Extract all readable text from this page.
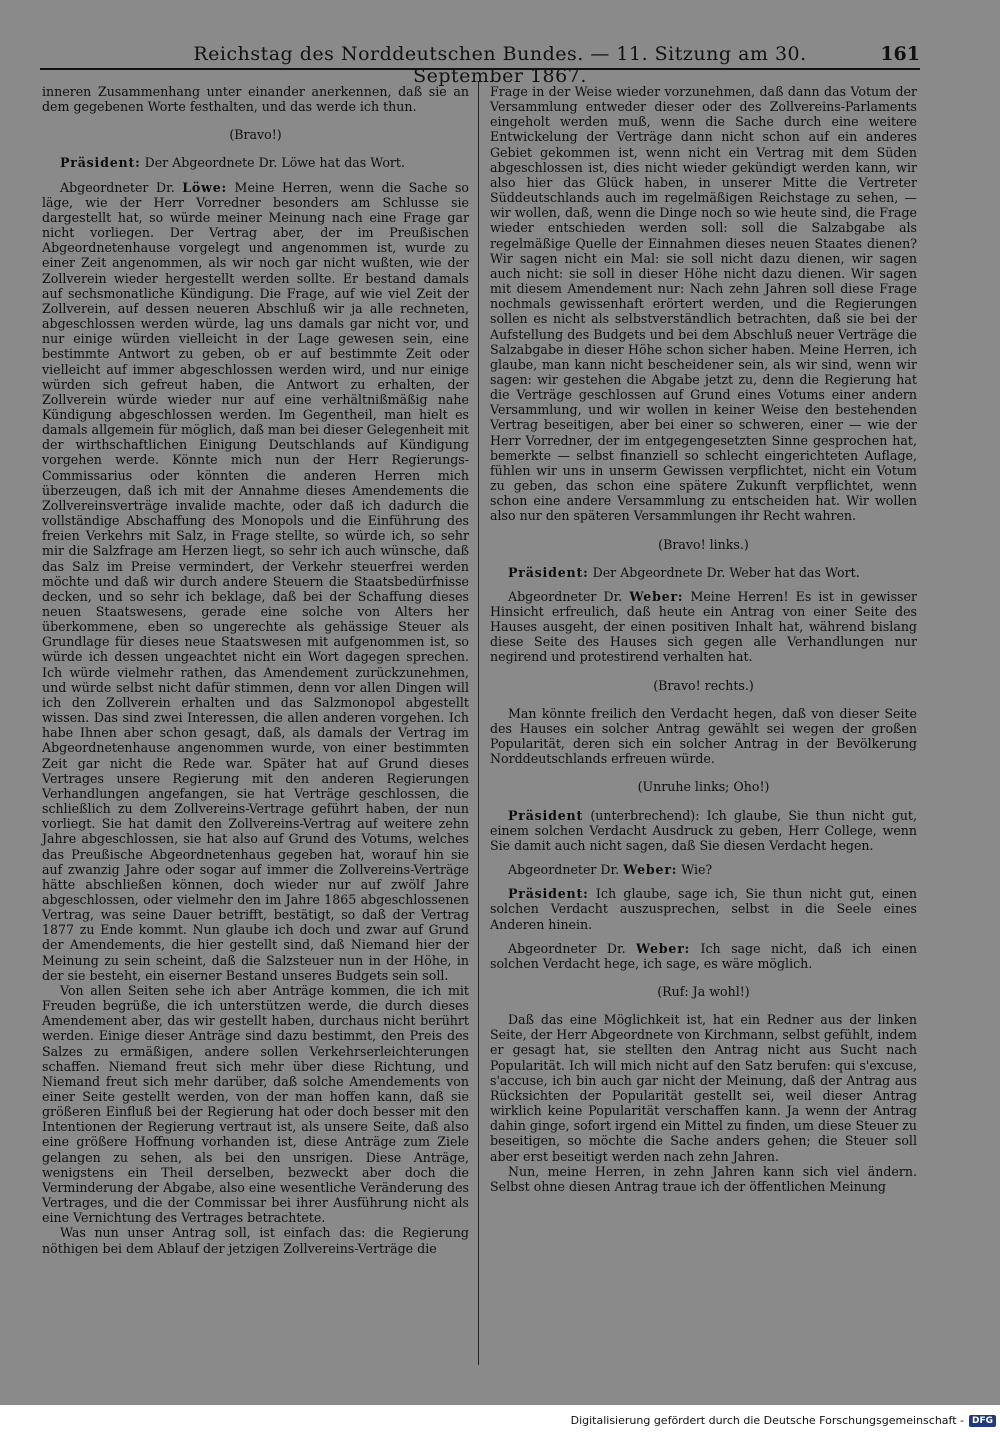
Reichstag des Norddeutschen Bundes. — 11. Sitzung am 30. September 1867.
161

inneren Zusammenhang unter einander anerkennen, daß sie an dem gegebenen Worte festhalten, und das werde ich thun.

(Bravo!)

Präsident: Der Abgeordnete Dr. Löwe hat das Wort.

Abgeordneter Dr. Löwe: Meine Herren, wenn die Sache so läge, wie der Herr Vorredner besonders am Schlusse sie dargestellt hat, so würde meiner Meinung nach eine Frage gar nicht vorliegen. Der Vertrag aber, der im Preußischen Abgeordnetenhause vorgelegt und angenommen ist, wurde zu einer Zeit angenommen, als wir noch gar nicht wußten, wie der Zollverein wieder hergestellt werden sollte. Er bestand damals auf sechsmonatliche Kündigung. Die Frage, auf wie viel Zeit der Zollverein, auf dessen neueren Abschluß wir ja alle rechneten, abgeschlossen werden würde, lag uns damals gar nicht vor, und nur einige würden vielleicht in der Lage gewesen sein, eine bestimmte Antwort zu geben, ob er auf bestimmte Zeit oder vielleicht auf immer abgeschlossen werden wird, und nur einige würden sich gefreut haben, die Antwort zu erhalten, der Zollverein würde wieder nur auf eine verhältnißmäßig nahe Kündigung abgeschlossen werden. Im Gegentheil, man hielt es damals allgemein für möglich, daß man bei dieser Gelegenheit mit der wirthschaftlichen Einigung Deutschlands auf Kündigung vorgehen werde. Könnte mich nun der Herr Regierungs-Commissarius oder könnten die anderen Herren mich überzeugen, daß ich mit der Annahme dieses Amendements die Zollvereinsverträge invalide machte, oder daß ich dadurch die vollständige Abschaffung des Monopols und die Einführung des freien Verkehrs mit Salz, in Frage stellte, so würde ich, so sehr mir die Salzfrage am Herzen liegt, so sehr ich auch wünsche, daß das Salz im Preise vermindert, der Verkehr steuerfrei werden möchte und daß wir durch andere Steuern die Staatsbedürfnisse decken, und so sehr ich beklage, daß bei der Schaffung dieses neuen Staatswesens, gerade eine solche von Alters her überkommene, eben so ungerechte als gehässige Steuer als Grundlage für dieses neue Staatswesen mit aufgenommen ist, so würde ich dessen ungeachtet nicht ein Wort dagegen sprechen. Ich würde vielmehr rathen, das Amendement zurückzunehmen, und würde selbst nicht dafür stimmen, denn vor allen Dingen will ich den Zollverein erhalten und das Salzmonopol abgestellt wissen. Das sind zwei Interessen, die allen anderen vorgehen. Ich habe Ihnen aber schon gesagt, daß, als damals der Vertrag im Abgeordnetenhause angenommen wurde, von einer bestimmten Zeit gar nicht die Rede war. Später hat auf Grund dieses Vertrages unsere Regierung mit den anderen Regierungen Verhandlungen angefangen, sie hat Verträge geschlossen, die schließlich zu dem Zollvereins-Vertrage geführt haben, der nun vorliegt. Sie hat damit den Zollvereins-Vertrag auf weitere zehn Jahre abgeschlossen, sie hat also auf Grund des Votums, welches das Preußische Abgeordnetenhaus gegeben hat, worauf hin sie auf zwanzig Jahre oder sogar auf immer die Zollvereins-Verträge hätte abschließen können, doch wieder nur auf zwölf Jahre abgeschlossen, oder vielmehr den im Jahre 1865 abgeschlossenen Vertrag, was seine Dauer betrifft, bestätigt, so daß der Vertrag 1877 zu Ende kommt. Nun glaube ich doch und zwar auf Grund der Amendements, die hier gestellt sind, daß Niemand hier der Meinung zu sein scheint, daß die Salzsteuer nun in der Höhe, in der sie besteht, ein eiserner Bestand unseres Budgets sein soll.

Von allen Seiten sehe ich aber Anträge kommen, die ich mit Freuden begrüße, die ich unterstützen werde, die durch dieses Amendement aber, das wir gestellt haben, durchaus nicht berührt werden. Einige dieser Anträge sind dazu bestimmt, den Preis des Salzes zu ermäßigen, andere sollen Verkehrserleichterungen schaffen. Niemand freut sich mehr über diese Richtung, und Niemand freut sich mehr darüber, daß solche Amendements von einer Seite gestellt werden, von der man hoffen kann, daß sie größeren Einfluß bei der Regierung hat oder doch besser mit den Intentionen der Regierung vertraut ist, als unsere Seite, daß also eine größere Hoffnung vorhanden ist, diese Anträge zum Ziele gelangen zu sehen, als bei den unsrigen. Diese Anträge, wenigstens ein Theil derselben, bezweckt aber doch die Verminderung der Abgabe, also eine wesentliche Veränderung des Vertrages, und die der Commissar bei ihrer Ausführung nicht als eine Vernichtung des Vertrages betrachtete.

Was nun unser Antrag soll, ist einfach das: die Regierung nöthigen bei dem Ablauf der jetzigen Zollvereins-Verträge die

Frage in der Weise wieder vorzunehmen, daß dann das Votum der Versammlung entweder dieser oder des Zollvereins-Parlaments eingeholt werden muß, wenn die Sache durch eine weitere Entwickelung der Verträge dann nicht schon auf ein anderes Gebiet gekommen ist, wenn nicht ein Vertrag mit dem Süden abgeschlossen ist, dies nicht wieder gekündigt werden kann, wir also hier das Glück haben, in unserer Mitte die Vertreter Süddeutschlands auch im regelmäßigen Reichstage zu sehen, — wir wollen, daß, wenn die Dinge noch so wie heute sind, die Frage wieder entschieden werden soll: soll die Salzabgabe als regelmäßige Quelle der Einnahmen dieses neuen Staates dienen? Wir sagen nicht ein Mal: sie soll nicht dazu dienen, wir sagen auch nicht: sie soll in dieser Höhe nicht dazu dienen. Wir sagen mit diesem Amendement nur: Nach zehn Jahren soll diese Frage nochmals gewissenhaft erörtert werden, und die Regierungen sollen es nicht als selbstverständlich betrachten, daß sie bei der Aufstellung des Budgets und bei dem Abschluß neuer Verträge die Salzabgabe in dieser Höhe schon sicher haben. Meine Herren, ich glaube, man kann nicht bescheidener sein, als wir sind, wenn wir sagen: wir gestehen die Abgabe jetzt zu, denn die Regierung hat die Verträge geschlossen auf Grund eines Votums einer andern Versammlung, und wir wollen in keiner Weise den bestehenden Vertrag beseitigen, aber bei einer so schweren, einer — wie der Herr Vorredner, der im entgegengesetzten Sinne gesprochen hat, bemerkte — selbst finanziell so schlecht eingerichteten Auflage, fühlen wir uns in unserm Gewissen verpflichtet, nicht ein Votum zu geben, das schon eine spätere Zukunft verpflichtet, wenn schon eine andere Versammlung zu entscheiden hat. Wir wollen also nur den späteren Versammlungen ihr Recht wahren.

(Bravo! links.)

Präsident: Der Abgeordnete Dr. Weber hat das Wort.

Abgeordneter Dr. Weber: Meine Herren! Es ist in gewisser Hinsicht erfreulich, daß heute ein Antrag von einer Seite des Hauses ausgeht, der einen positiven Inhalt hat, während bislang diese Seite des Hauses sich gegen alle Verhandlungen nur negirend und protestirend verhalten hat.

(Bravo! rechts.)

Man könnte freilich den Verdacht hegen, daß von dieser Seite des Hauses ein solcher Antrag gewählt sei wegen der großen Popularität, deren sich ein solcher Antrag in der Bevölkerung Norddeutschlands erfreuen würde.

(Unruhe links; Oho!)

Präsident (unterbrechend): Ich glaube, Sie thun nicht gut, einem solchen Verdacht Ausdruck zu geben, Herr College, wenn Sie damit auch nicht sagen, daß Sie diesen Verdacht hegen.

Abgeordneter Dr. Weber: Wie?

Präsident: Ich glaube, sage ich, Sie thun nicht gut, einen solchen Verdacht auszusprechen, selbst in die Seele eines Anderen hinein.

Abgeordneter Dr. Weber: Ich sage nicht, daß ich einen solchen Verdacht hege, ich sage, es wäre möglich.

(Ruf: Ja wohl!)

Daß das eine Möglichkeit ist, hat ein Redner aus der linken Seite, der Herr Abgeordnete von Kirchmann, selbst gefühlt, indem er gesagt hat, sie stellten den Antrag nicht aus Sucht nach Popularität. Ich will mich nicht auf den Satz berufen: qui s'excuse, s'accuse, ich bin auch gar nicht der Meinung, daß der Antrag aus Rücksichten der Popularität gestellt sei, weil dieser Antrag wirklich keine Popularität verschaffen kann. Ja wenn der Antrag dahin ginge, sofort irgend ein Mittel zu finden, um diese Steuer zu beseitigen, so möchte die Sache anders gehen; die Steuer soll aber erst beseitigt werden nach zehn Jahren.

Nun, meine Herren, in zehn Jahren kann sich viel ändern. Selbst ohne diesen Antrag traue ich der öffentlichen Meinung

Digitalisierung gefördert durch die Deutsche Forschungsgemeinschaft - DFG
